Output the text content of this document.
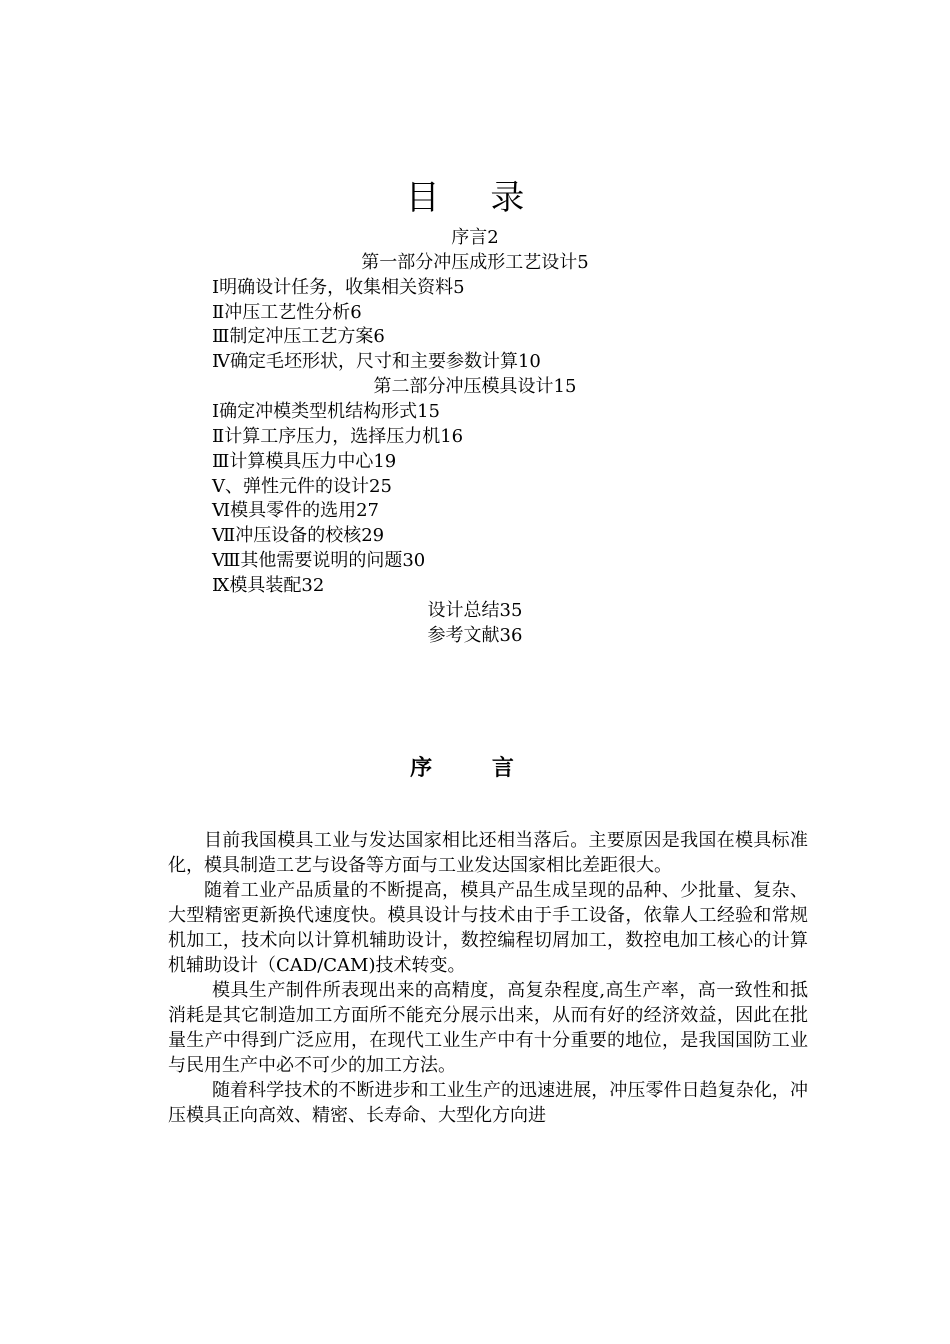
目 录
序言2
第一部分冲压成形工艺设计5
Ⅰ明确设计任务，收集相关资料5
Ⅱ冲压工艺性分析6
Ⅲ制定冲压工艺方案6
Ⅳ确定毛坯形状，尺寸和主要参数计算10
第二部分冲压模具设计15
Ⅰ确定冲模类型机结构形式15
Ⅱ计算工序压力，选择压力机16
Ⅲ计算模具压力中心19
Ⅴ、弹性元件的设计25
Ⅵ模具零件的选用27
Ⅶ冲压设备的校核29
Ⅷ其他需要说明的问题30
Ⅸ模具装配32
设计总结35
参考文献36
序 言

目前我国模具工业与发达国家相比还相当落后。主要原因是我国在模具标准化，模具制造工艺与设备等方面与工业发达国家相比差距很大。

随着工业产品质量的不断提高，模具产品生成呈现的品种、少批量、复杂、大型精密更新换代速度快。模具设计与技术由于手工设备，依靠人工经验和常规机加工，技术向以计算机辅助设计，数控编程切屑加工，数控电加工核心的计算机辅助设计（CAD/CAM)技术转变。

模具生产制件所表现出来的高精度，高复杂程度,高生产率，高一致性和抵消耗是其它制造加工方面所不能充分展示出来，从而有好的经济效益，因此在批量生产中得到广泛应用，在现代工业生产中有十分重要的地位，是我国国防工业与民用生产中必不可少的加工方法。

随着科学技术的不断进步和工业生产的迅速进展，冲压零件日趋复杂化，冲压模具正向高效、精密、长寿命、大型化方向进
